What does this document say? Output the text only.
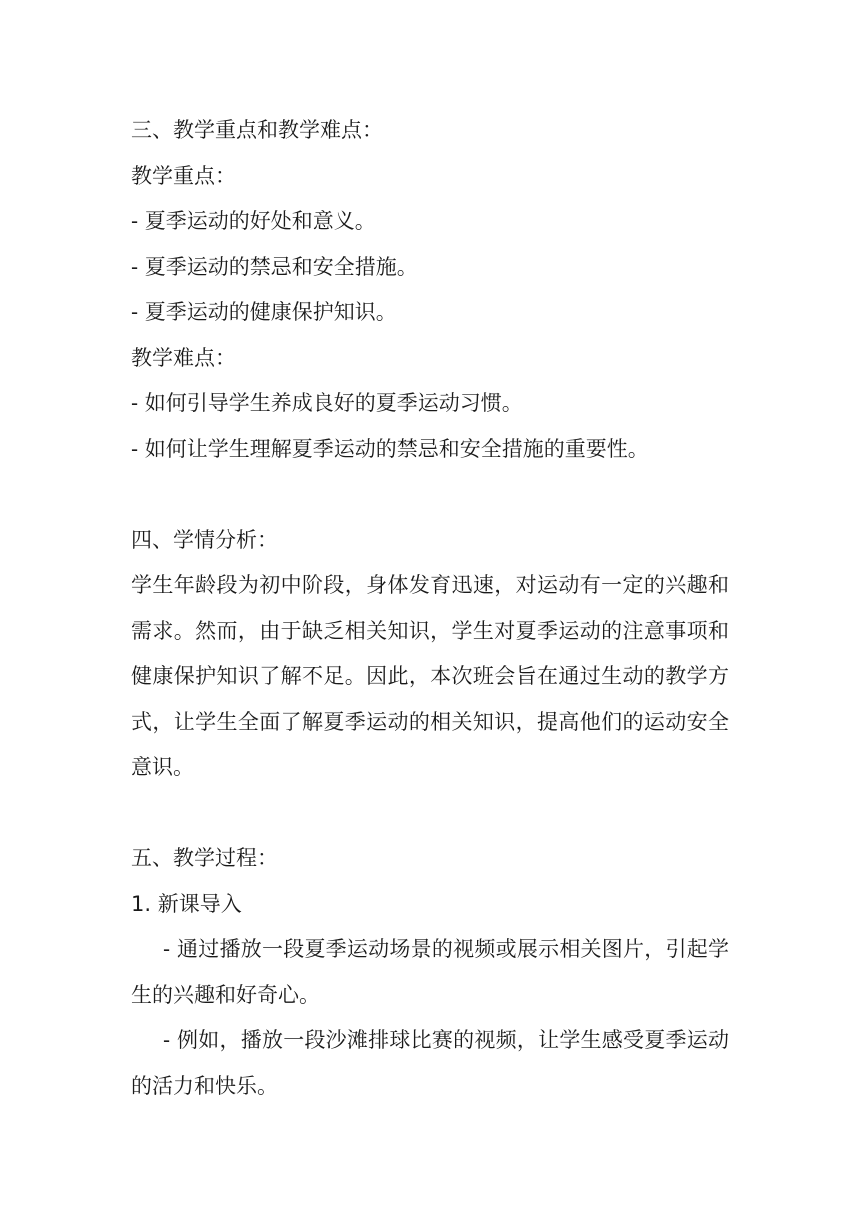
三、教学重点和教学难点：

教学重点：

- 夏季运动的好处和意义。

- 夏季运动的禁忌和安全措施。

- 夏季运动的健康保护知识。

教学难点：

- 如何引导学生养成良好的夏季运动习惯。

- 如何让学生理解夏季运动的禁忌和安全措施的重要性。

四、学情分析：

学生年龄段为初中阶段，身体发育迅速，对运动有一定的兴趣和需求。然而，由于缺乏相关知识，学生对夏季运动的注意事项和健康保护知识了解不足。因此，本次班会旨在通过生动的教学方式，让学生全面了解夏季运动的相关知识，提高他们的运动安全意识。

五、教学过程：

1. 新课导入

- 通过播放一段夏季运动场景的视频或展示相关图片，引起学生的兴趣和好奇心。

- 例如，播放一段沙滩排球比赛的视频，让学生感受夏季运动的活力和快乐。
